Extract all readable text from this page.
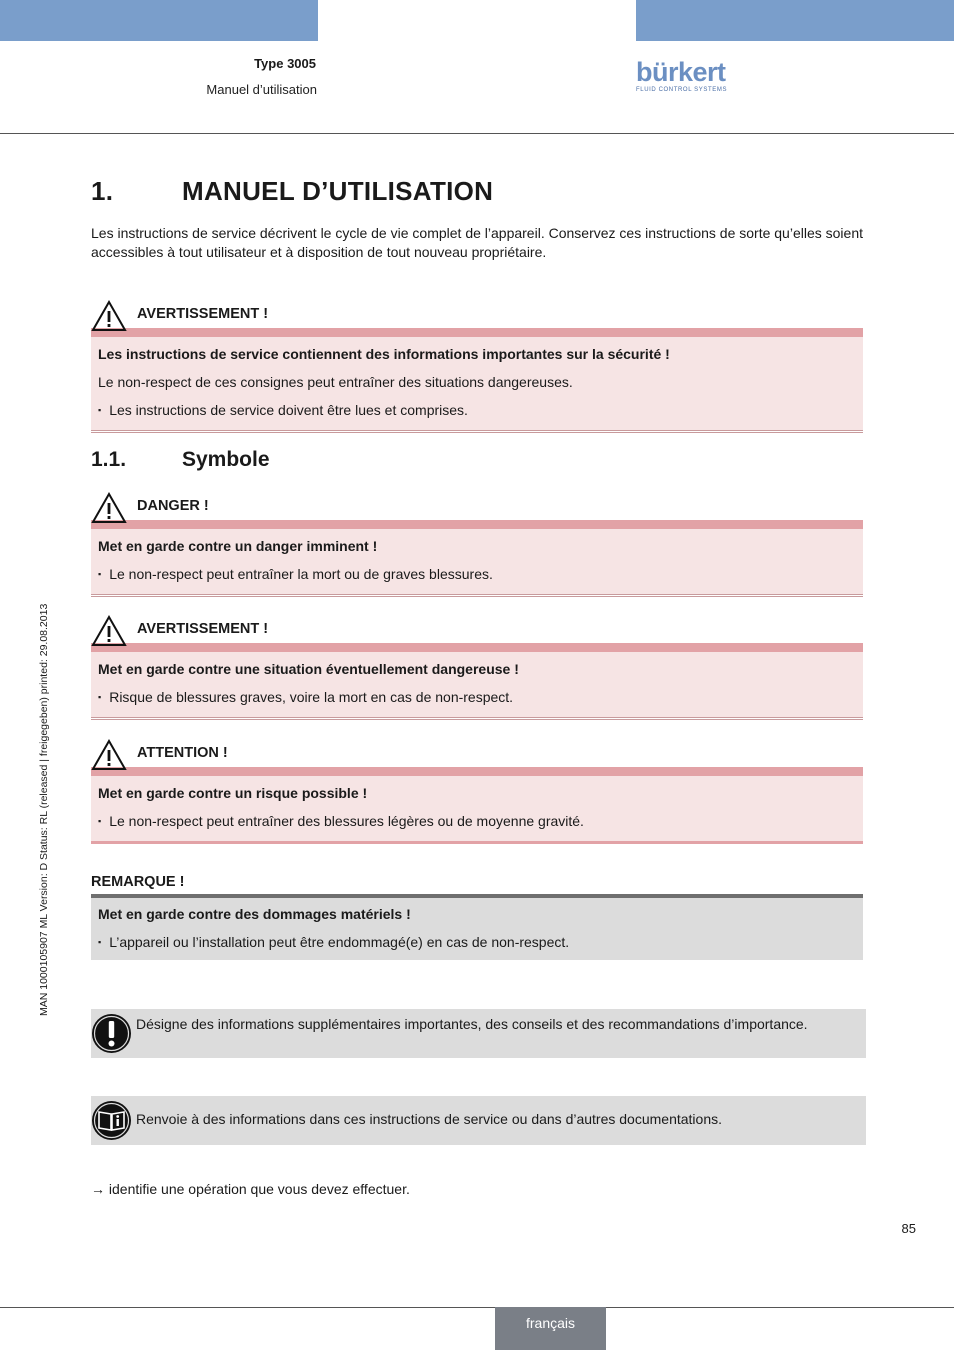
Type 3005
Manuel d’utilisation
bürkert
FLUID CONTROL SYSTEMS
MAN 1000105907 ML Version: D Status: RL (released | freigegeben) printed: 29.08.2013
1.	MANUEL D’UTILISATION
Les instructions de service décrivent le cycle de vie complet de l’appareil. Conservez ces instructions de sorte qu’elles soient accessibles à tout utilisateur et à disposition de tout nouveau propriétaire.
AVERTISSEMENT !
Les instructions de service contiennent des informations importantes sur la sécurité !
Le non-respect de ces consignes peut entraîner des situations dangereuses.
▪ Les instructions de service doivent être lues et comprises.
1.1.	Symbole
DANGER !
Met en garde contre un danger imminent !
▪ Le non-respect peut entraîner la mort ou de graves blessures.
AVERTISSEMENT !
Met en garde contre une situation éventuellement dangereuse !
▪ Risque de blessures graves, voire la mort en cas de non-respect.
ATTENTION !
Met en garde contre un risque possible !
▪ Le non-respect peut entraîner des blessures légères ou de moyenne gravité.
REMARQUE !
Met en garde contre des dommages matériels !
▪ L’appareil ou l’installation peut être endommagé(e) en cas de non-respect.
Désigne des informations supplémentaires importantes, des conseils et des recommandations d’importance.
Renvoie à des informations dans ces instructions de service ou dans d’autres documentations.
→ identifie une opération que vous devez effectuer.
85
français
